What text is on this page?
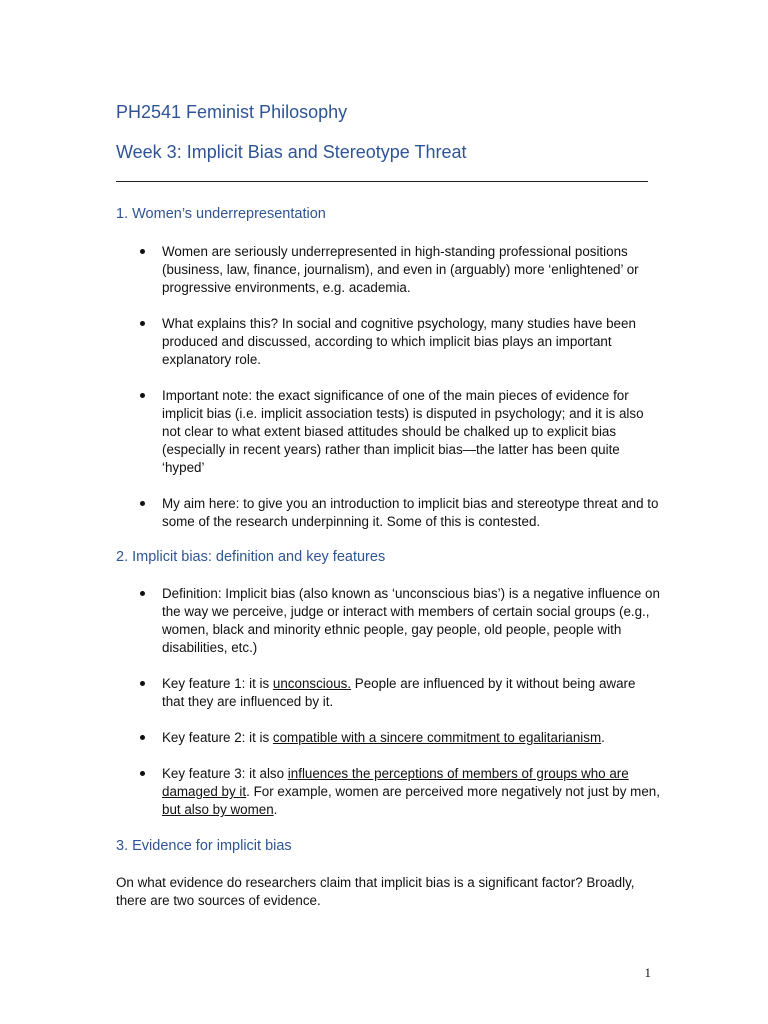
PH2541 Feminist Philosophy
Week 3: Implicit Bias and Stereotype Threat
1. Women’s underrepresentation
Women are seriously underrepresented in high-standing professional positions (business, law, finance, journalism), and even in (arguably) more ‘enlightened’ or progressive environments, e.g. academia.
What explains this? In social and cognitive psychology, many studies have been produced and discussed, according to which implicit bias plays an important explanatory role.
Important note: the exact significance of one of the main pieces of evidence for implicit bias (i.e. implicit association tests) is disputed in psychology; and it is also not clear to what extent biased attitudes should be chalked up to explicit bias (especially in recent years) rather than implicit bias—the latter has been quite ‘hyped’
My aim here: to give you an introduction to implicit bias and stereotype threat and to some of the research underpinning it. Some of this is contested.
2. Implicit bias: definition and key features
Definition: Implicit bias (also known as ‘unconscious bias’) is a negative influence on the way we perceive, judge or interact with members of certain social groups (e.g., women, black and minority ethnic people, gay people, old people, people with disabilities, etc.)
Key feature 1: it is unconscious. People are influenced by it without being aware that they are influenced by it.
Key feature 2: it is compatible with a sincere commitment to egalitarianism.
Key feature 3: it also influences the perceptions of members of groups who are damaged by it. For example, women are perceived more negatively not just by men, but also by women.
3. Evidence for implicit bias

On what evidence do researchers claim that implicit bias is a significant factor? Broadly, there are two sources of evidence.

1
